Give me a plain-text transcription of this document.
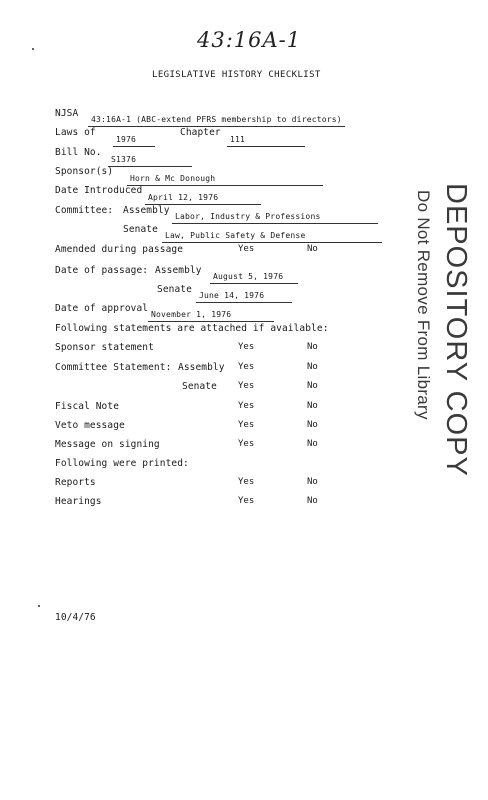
43:16A-1
LEGISLATIVE HISTORY CHECKLIST
NJSA
43:16A-1 (ABC-extend PFRS membership to directors)
Laws of
1976
Chapter
111
Bill No.
S1376
Sponsor(s)
Horn & Mc Donough
Date Introduced
April 12, 1976
Committee: Assembly
Labor, Industry & Professions
Senate
Law, Public Safety & Defense
Amended during passage	Yes	No
Date of passage: Assembly
August 5, 1976
Senate
June 14, 1976
Date of approval
November 1, 1976
Following statements are attached if available:
Sponsor statement	Yes	No
Committee Statement: Assembly Yes	No
Senate Yes	No
Fiscal Note	Yes	No
Veto message	Yes	No
Message on signing	Yes	No
Following were printed:
Reports	Yes	No
Hearings	Yes	No
10/4/76
DEPOSITORY COPY
Do Not Remove From Library
